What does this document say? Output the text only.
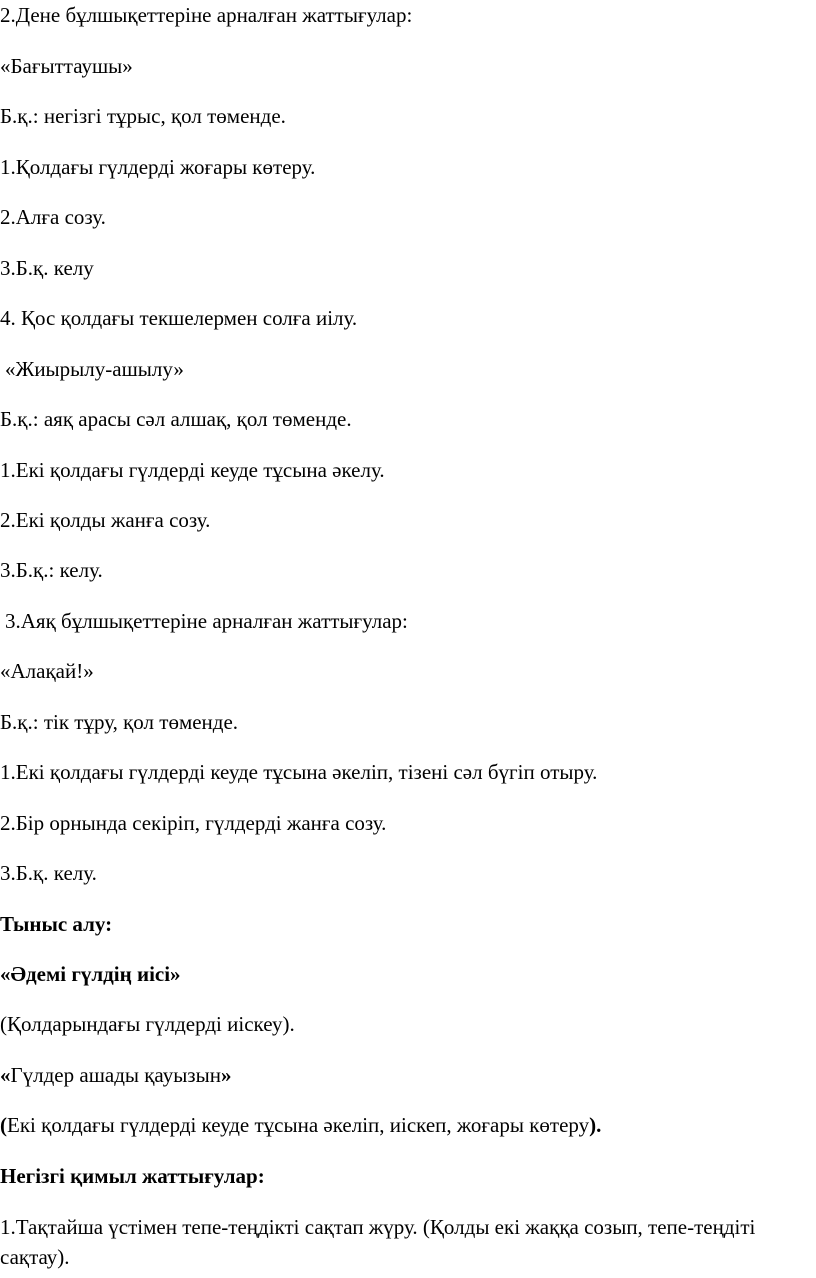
2.Дене бұлшықеттеріне арналған жаттығулар:
«Бағыттаушы»
Б.қ.: негізгі тұрыс, қол төменде.
1.Қолдағы гүлдерді жоғары көтеру.
2.Алға созу.
3.Б.қ. келу
4. Қос қолдағы текшелермен солға иілу.
«Жиырылу-ашылу»
Б.қ.: аяқ арасы сәл алшақ, қол төменде.
1.Екі қолдағы гүлдерді кеуде тұсына әкелу.
2.Екі қолды жанға созу.
3.Б.қ.: келу.
3.Аяқ бұлшықеттеріне арналған жаттығулар:
«Алақай!»
Б.қ.: тік тұру, қол төменде.
1.Екі қолдағы гүлдерді кеуде тұсына әкеліп, тізені сәл бүгіп отыру.
2.Бір орнында секіріп, гүлдерді жанға созу.
3.Б.қ. келу.
Тыныс алу:
«Әдемі гүлдің иісі»
(Қолдарындағы гүлдерді иіскеу).
«Гүлдер ашады қауызын»
(Екі қолдағы гүлдерді кеуде тұсына әкеліп, иіскеп, жоғары көтеру).
Негізгі қимыл жаттығулар:
1.Тақтайша үстімен тепе-теңдікті сақтап жүру. (Қолды екі жаққа созып, тепе-теңдіті сақтау).
